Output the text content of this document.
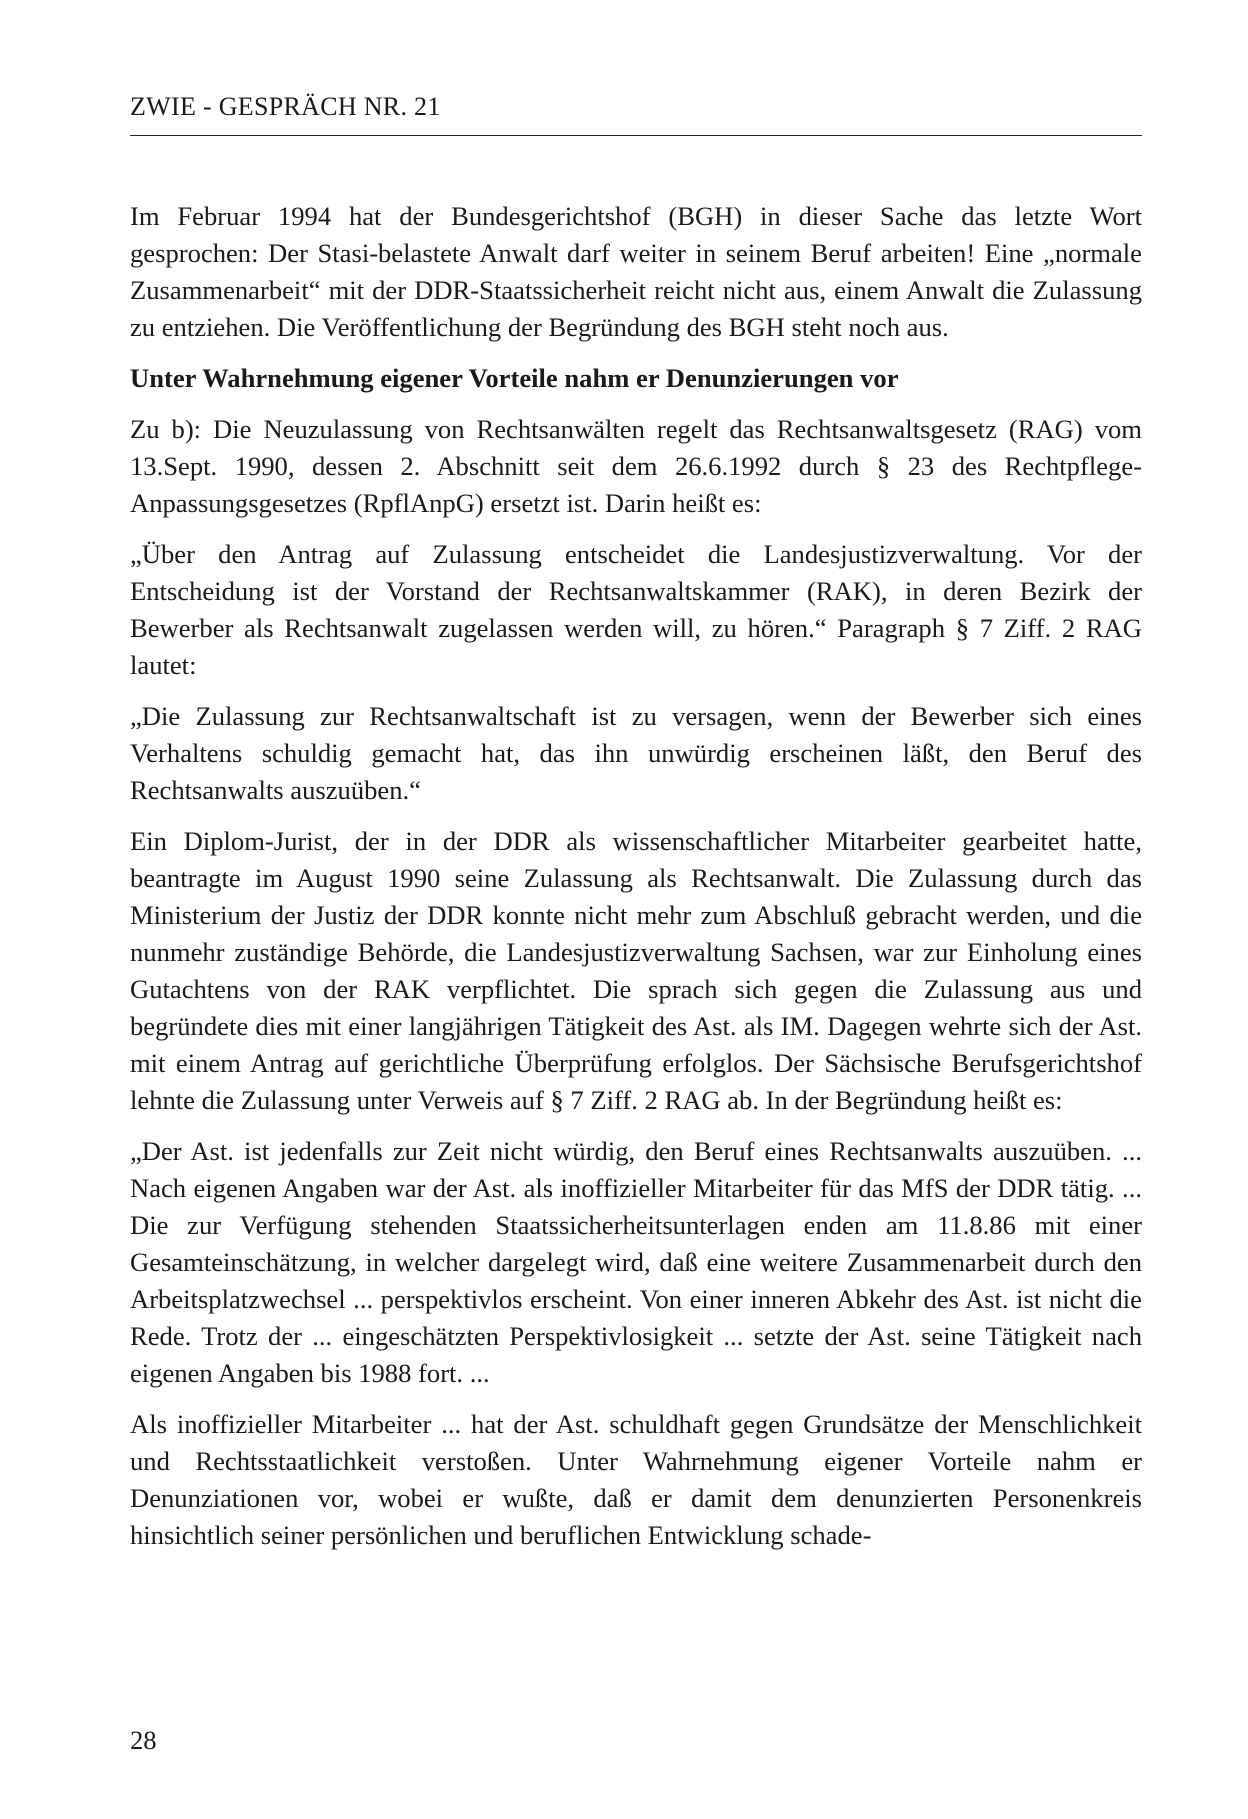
ZWIE - GESPRÄCH NR. 21

Im Februar 1994 hat der Bundesgerichtshof (BGH) in dieser Sache das letzte Wort gesprochen: Der Stasi-belastete Anwalt darf weiter in seinem Beruf arbeiten! Eine „normale Zusammenarbeit“ mit der DDR-Staatssicherheit reicht nicht aus, einem Anwalt die Zulassung zu entziehen. Die Veröffentlichung der Begründung des BGH steht noch aus.

Unter Wahrnehmung eigener Vorteile nahm er Denunzierungen vor

Zu b): Die Neuzulassung von Rechtsanwälten regelt das Rechtsanwaltsgesetz (RAG) vom 13.Sept. 1990, dessen 2. Abschnitt seit dem 26.6.1992 durch § 23 des Rechtpflege-Anpassungsgesetzes (RpflAnpG) ersetzt ist. Darin heißt es:

„Über den Antrag auf Zulassung entscheidet die Landesjustizverwaltung. Vor der Entscheidung ist der Vorstand der Rechtsanwaltskammer (RAK), in deren Bezirk der Bewerber als Rechtsanwalt zugelassen werden will, zu hören.“ Paragraph § 7 Ziff. 2 RAG lautet:

„Die Zulassung zur Rechtsanwaltschaft ist zu versagen, wenn der Bewerber sich eines Verhaltens schuldig gemacht hat, das ihn unwürdig erscheinen läßt, den Beruf des Rechtsanwalts auszuüben.“

Ein Diplom-Jurist, der in der DDR als wissenschaftlicher Mitarbeiter gearbeitet hatte, beantragte im August 1990 seine Zulassung als Rechtsanwalt. Die Zulassung durch das Ministerium der Justiz der DDR konnte nicht mehr zum Abschluß gebracht werden, und die nunmehr zuständige Behörde, die Landesjustizverwaltung Sachsen, war zur Einholung eines Gutachtens von der RAK verpflichtet. Die sprach sich gegen die Zulassung aus und begründete dies mit einer langjährigen Tätigkeit des Ast. als IM. Dagegen wehrte sich der Ast. mit einem Antrag auf gerichtliche Überprüfung erfolglos. Der Sächsische Berufsgerichtshof lehnte die Zulassung unter Verweis auf § 7 Ziff. 2 RAG ab. In der Begründung heißt es:

„Der Ast. ist jedenfalls zur Zeit nicht würdig, den Beruf eines Rechtsanwalts auszuüben. ... Nach eigenen Angaben war der Ast. als inoffizieller Mitarbeiter für das MfS der DDR tätig. ... Die zur Verfügung stehenden Staatssicherheitsunterlagen enden am 11.8.86 mit einer Gesamteinschätzung, in welcher dargelegt wird, daß eine weitere Zusammenarbeit durch den Arbeitsplatzwechsel ... perspektivlos erscheint. Von einer inneren Abkehr des Ast. ist nicht die Rede. Trotz der ... eingeschätzten Perspektivlosigkeit ... setzte der Ast. seine Tätigkeit nach eigenen Angaben bis 1988 fort. ...

Als inoffizieller Mitarbeiter ... hat der Ast. schuldhaft gegen Grundsätze der Menschlichkeit und Rechtsstaatlichkeit verstoßen. Unter Wahrnehmung eigener Vorteile nahm er Denunziationen vor, wobei er wußte, daß er damit dem denunzierten Personenkreis hinsichtlich seiner persönlichen und beruflichen Entwicklung schade-

28
